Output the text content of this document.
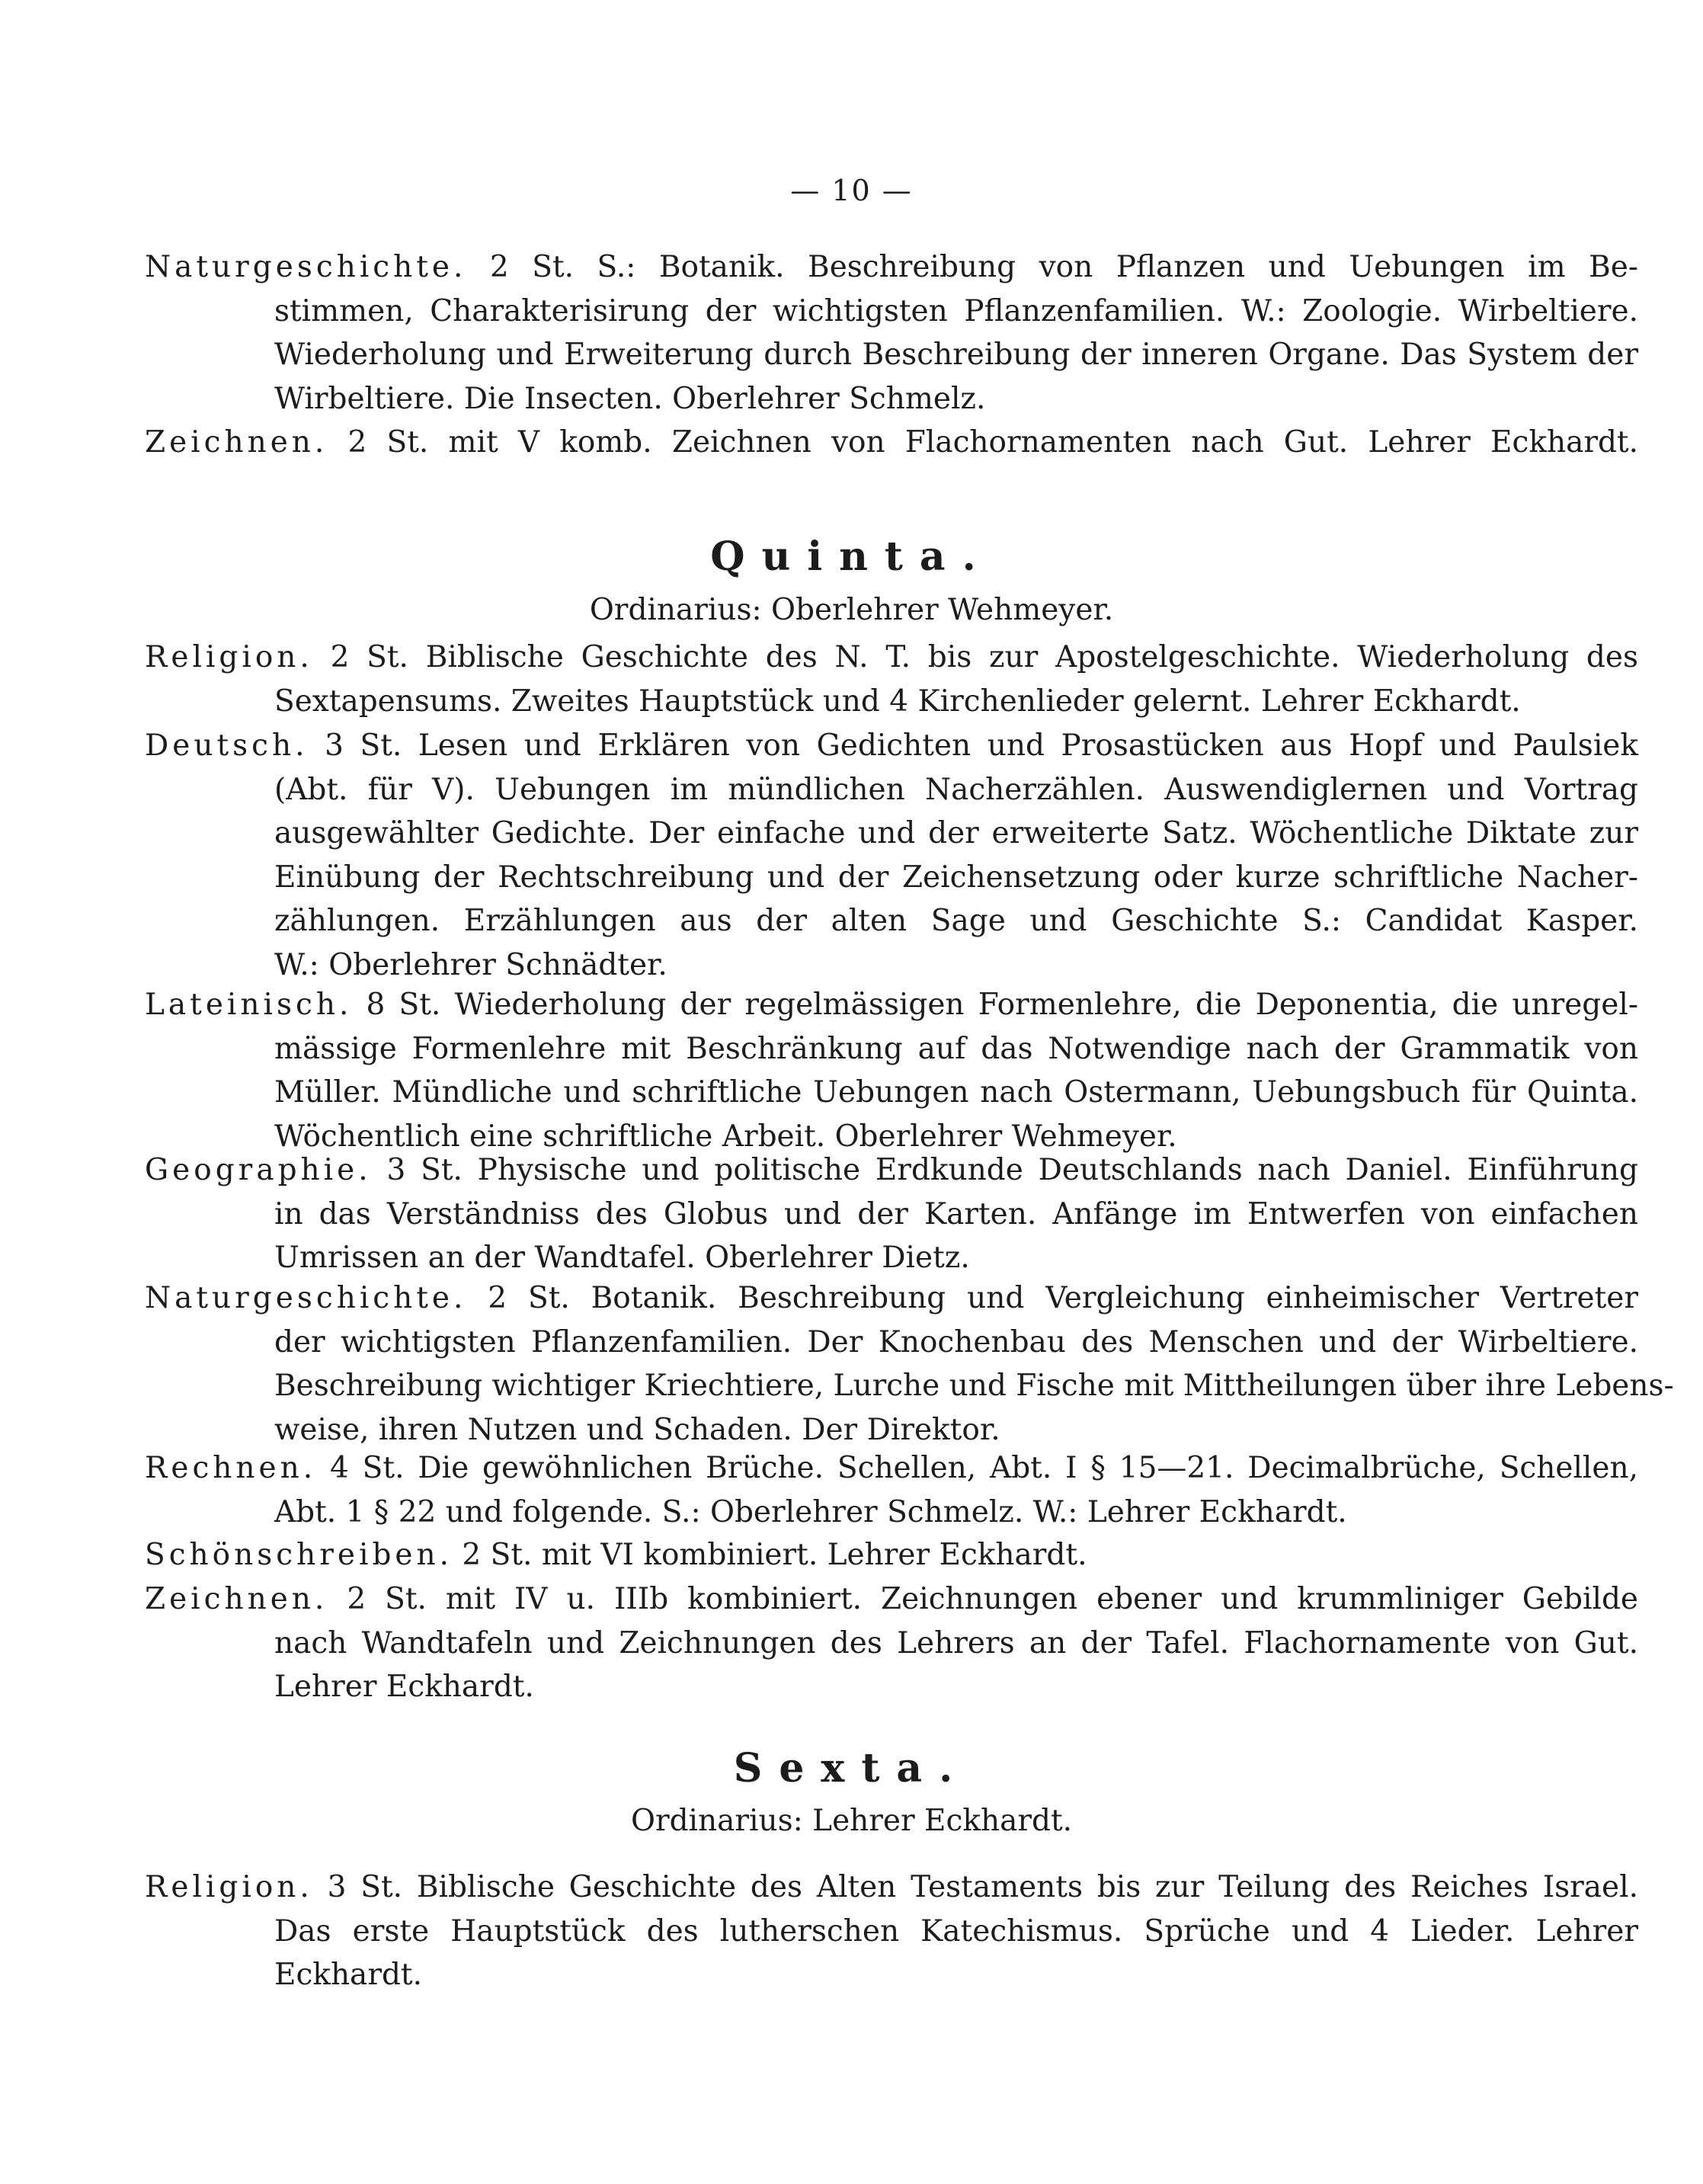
— 10 —
Naturgeschichte. 2 St. S.: Botanik. Beschreibung von Pflanzen und Uebungen im Be-
stimmen, Charakterisirung der wichtigsten Pflanzenfamilien. W.: Zoologie. Wirbeltiere.
Wiederholung und Erweiterung durch Beschreibung der inneren Organe. Das System der
Wirbeltiere. Die Insecten. Oberlehrer Schmelz.
Zeichnen. 2 St. mit V komb. Zeichnen von Flachornamenten nach Gut. Lehrer Eckhardt.
Quinta.
Ordinarius: Oberlehrer Wehmeyer.
Religion. 2 St. Biblische Geschichte des N. T. bis zur Apostelgeschichte. Wiederholung des
Sextapensums. Zweites Hauptstück und 4 Kirchenlieder gelernt. Lehrer Eckhardt.
Deutsch. 3 St. Lesen und Erklären von Gedichten und Prosastücken aus Hopf und Paulsiek
(Abt. für V). Uebungen im mündlichen Nacherzählen. Auswendiglernen und Vortrag
ausgewählter Gedichte. Der einfache und der erweiterte Satz. Wöchentliche Diktate zur
Einübung der Rechtschreibung und der Zeichensetzung oder kurze schriftliche Nacher-
zählungen. Erzählungen aus der alten Sage und Geschichte S.: Candidat Kasper.
W.: Oberlehrer Schnädter.
Lateinisch. 8 St. Wiederholung der regelmässigen Formenlehre, die Deponentia, die unregel-
mässige Formenlehre mit Beschränkung auf das Notwendige nach der Grammatik von
Müller. Mündliche und schriftliche Uebungen nach Ostermann, Uebungsbuch für Quinta.
Wöchentlich eine schriftliche Arbeit. Oberlehrer Wehmeyer.
Geographie. 3 St. Physische und politische Erdkunde Deutschlands nach Daniel. Einführung
in das Verständniss des Globus und der Karten. Anfänge im Entwerfen von einfachen
Umrissen an der Wandtafel. Oberlehrer Dietz.
Naturgeschichte. 2 St. Botanik. Beschreibung und Vergleichung einheimischer Vertreter
der wichtigsten Pflanzenfamilien. Der Knochenbau des Menschen und der Wirbeltiere.
Beschreibung wichtiger Kriechtiere, Lurche und Fische mit Mittheilungen über ihre Lebens-
weise, ihren Nutzen und Schaden. Der Direktor.
Rechnen. 4 St. Die gewöhnlichen Brüche. Schellen, Abt. I § 15—21. Decimalbrüche, Schellen,
Abt. 1 § 22 und folgende. S.: Oberlehrer Schmelz. W.: Lehrer Eckhardt.
Schönschreiben. 2 St. mit VI kombiniert. Lehrer Eckhardt.
Zeichnen. 2 St. mit IV u. IIIb kombiniert. Zeichnungen ebener und krummliniger Gebilde
nach Wandtafeln und Zeichnungen des Lehrers an der Tafel. Flachornamente von Gut.
Lehrer Eckhardt.
Sexta.
Ordinarius: Lehrer Eckhardt.
Religion. 3 St. Biblische Geschichte des Alten Testaments bis zur Teilung des Reiches Israel.
Das erste Hauptstück des lutherschen Katechismus. Sprüche und 4 Lieder. Lehrer
Eckhardt.
